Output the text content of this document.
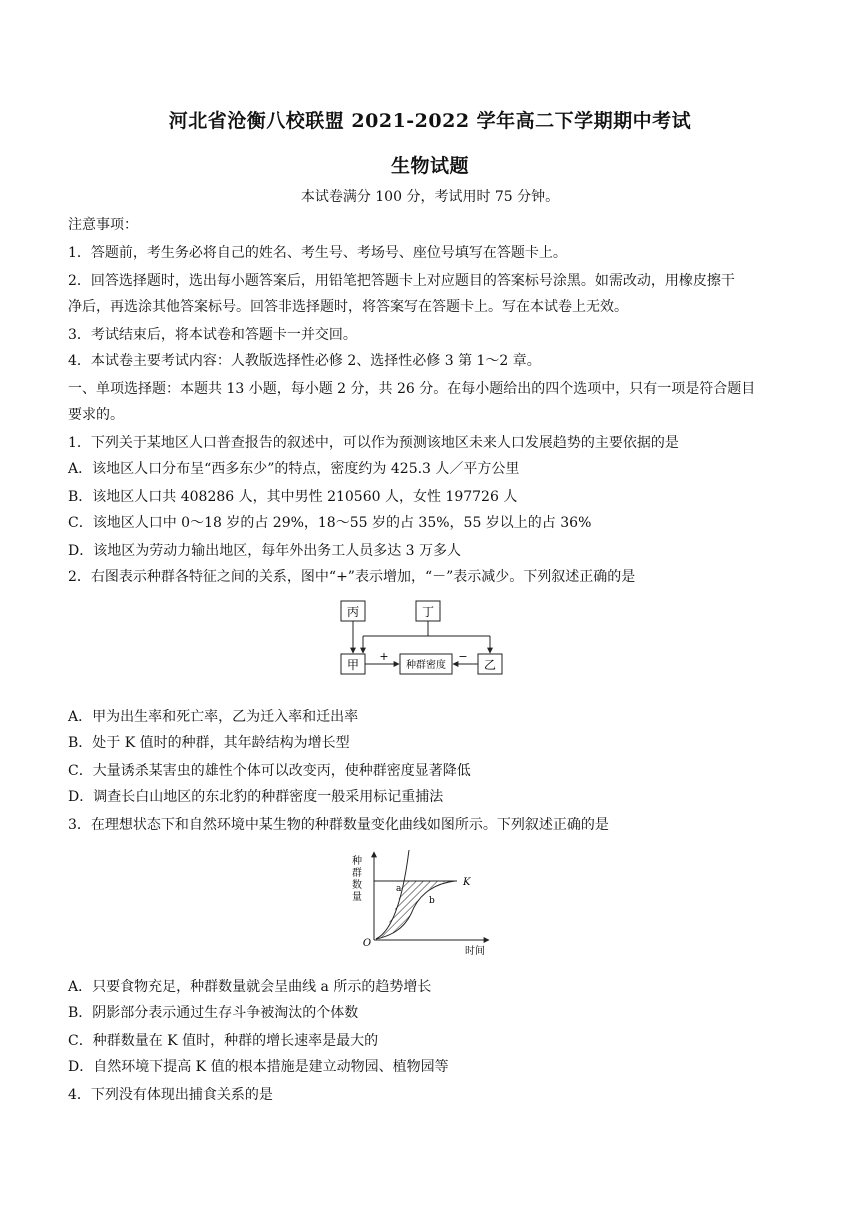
河北省沧衡八校联盟 2021-2022 学年高二下学期期中考试
生物试题
本试卷满分 100 分，考试用时 75 分钟。
注意事项：
1．答题前，考生务必将自己的姓名、考生号、考场号、座位号填写在答题卡上。
2．回答选择题时，选出每小题答案后，用铅笔把答题卡上对应题目的答案标号涂黑。如需改动，用橡皮擦干
净后，再选涂其他答案标号。回答非选择题时，将答案写在答题卡上。写在本试卷上无效。
3．考试结束后，将本试卷和答题卡一并交回。
4．本试卷主要考试内容：人教版选择性必修 2、选择性必修 3 第 1～2 章。
一、单项选择题：本题共 13 小题，每小题 2 分，共 26 分。在每小题给出的四个选项中，只有一项是符合题目
要求的。
1．下列关于某地区人口普查报告的叙述中，可以作为预测该地区未来人口发展趋势的主要依据的是
A．该地区人口分布呈“西多东少”的特点，密度约为 425.3 人／平方公里
B．该地区人口共 408286 人，其中男性 210560 人，女性 197726 人
C．该地区人口中 0～18 岁的占 29%，18～55 岁的占 35%，55 岁以上的占 36%
D．该地区为劳动力输出地区，每年外出务工人员多达 3 万多人
2．右图表示种群各特征之间的关系，图中“+”表示增加，“－”表示减少。下列叙述正确的是
丙	丁
甲	种群密度	乙
+	−
A．甲为出生率和死亡率，乙为迁入率和迁出率
B．处于 K 值时的种群，其年龄结构为增长型
C．大量诱杀某害虫的雄性个体可以改变丙，使种群密度显著降低
D．调查长白山地区的东北豹的种群密度一般采用标记重捕法
3．在理想状态下和自然环境中某生物的种群数量变化曲线如图所示。下列叙述正确的是
种
群
数
量
O
时间
K
a
b
A．只要食物充足，种群数量就会呈曲线 a 所示的趋势增长
B．阴影部分表示通过生存斗争被淘汰的个体数
C．种群数量在 K 值时，种群的增长速率是最大的
D．自然环境下提高 K 值的根本措施是建立动物园、植物园等
4．下列没有体现出捕食关系的是
